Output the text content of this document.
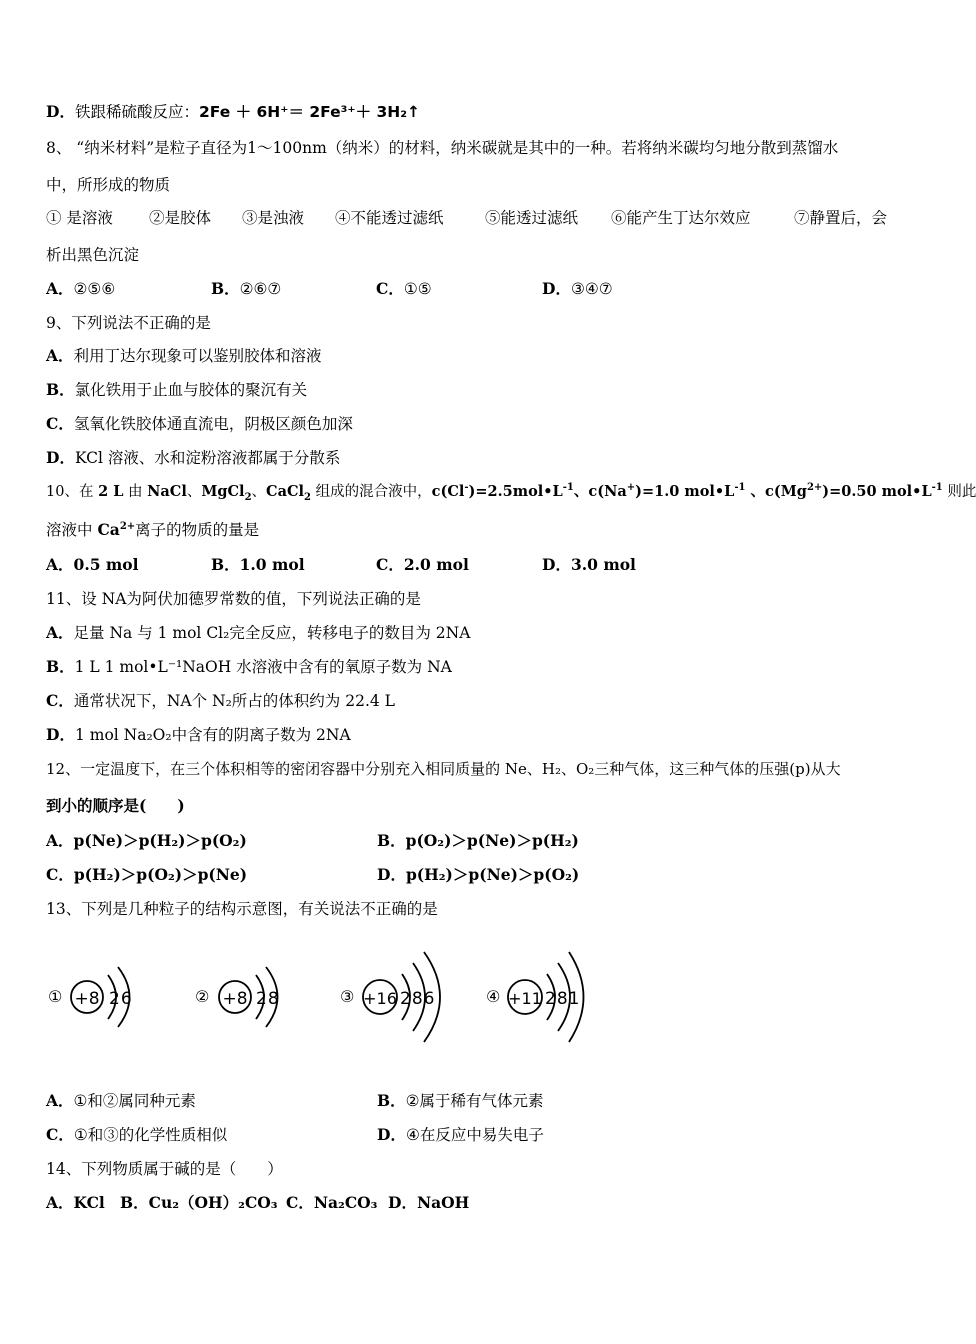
D．铁跟稀硫酸反应：2Fe ＋ 6H⁺＝ 2Fe³⁺＋ 3H₂↑
8、 “纳米材料”是粒子直径为1～100nm（纳米）的材料，纳米碳就是其中的一种。若将纳米碳均匀地分散到蒸馏水
中，所形成的物质
① 是溶液 ②是胶体 ③是浊液 ④不能透过滤纸	⑤能透过滤纸 ⑥能产生丁达尔效应	⑦静置后，会
析出黑色沉淀
A．②⑤⑥	B．②⑥⑦	C．①⑤	D．③④⑦
9、下列说法不正确的是
A．利用丁达尔现象可以鉴别胶体和溶液
B．氯化铁用于止血与胶体的聚沉有关
C．氢氧化铁胶体通直流电，阴极区颜色加深
D．KCl 溶液、水和淀粉溶液都属于分散系
10、在 2 L 由 NaCl、MgCl$_2$、CaCl$_2$ 组成的混合液中，$c(Cl^-)=2.5mol•L^{-1}$、c(Na+)=1.0 $mol•L^{-1}$ 、$c(Mg^{2+})=0.50$ $mol•L^{-1}$ 则此
溶液中 $Ca^{2+}$离子的物质的量是
A．0.5 mol	B．1.0 mol	C．2.0 mol	D．3.0 mol
11、设 NA为阿伏加德罗常数的值，下列说法正确的是
A．足量 Na 与 1 mol Cl₂完全反应，转移电子的数目为 2NA
B．1 L 1 mol•L⁻¹NaOH 水溶液中含有的氧原子数为 NA
C．通常状况下，NA个 N₂所占的体积约为 22.4 L
D．1 mol Na₂O₂中含有的阴离子数为 2NA
12、一定温度下，在三个体积相等的密闭容器中分别充入相同质量的 Ne、H₂、O₂三种气体，这三种气体的压强(p)从大
到小的顺序是(　　)
A．p(Ne)＞p(H₂)＞p(O₂)	B．p(O₂)＞p(Ne)＞p(H₂)
C．p(H₂)＞p(O₂)＞p(Ne)	D．p(H₂)＞p(Ne)＞p(O₂)
13、下列是几种粒子的结构示意图，有关说法不正确的是
① +8 26	② +8 28	③ +16 286	④ +11 281
A．①和②属同种元素	B．②属于稀有气体元素
C．①和③的化学性质相似	D．④在反应中易失电子
14、下列物质属于碱的是（　　）
A．KCl B．Cu₂（OH）₂CO₃ C．Na₂CO₃ D．NaOH
